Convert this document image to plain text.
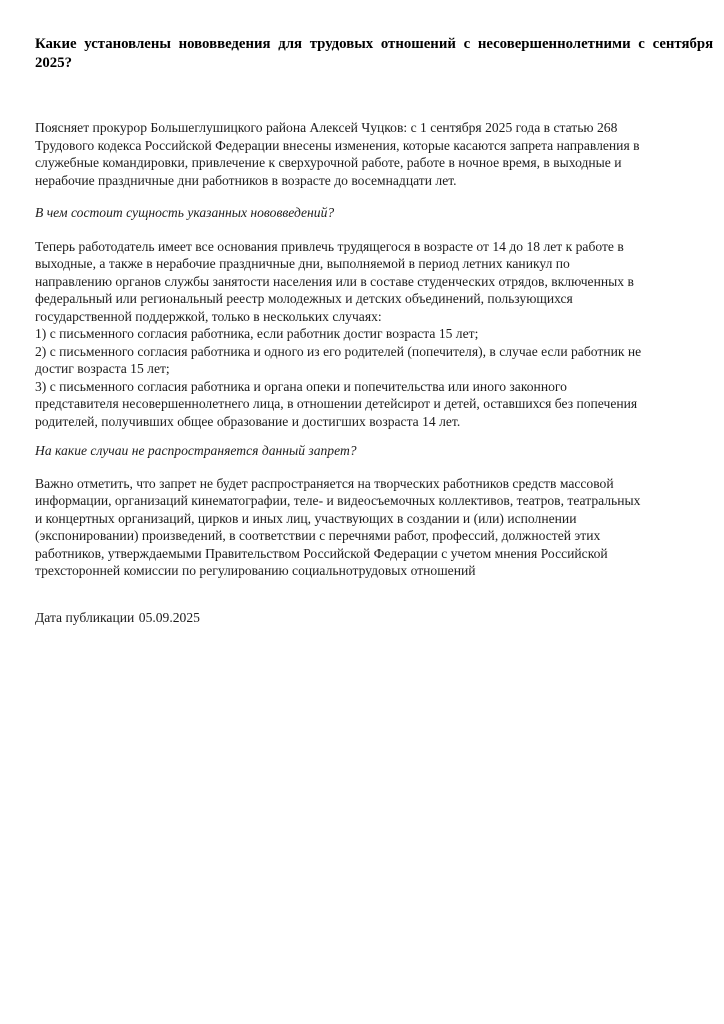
Какие установлены нововведения для трудовых отношений с несовершеннолетними с сентября
2025?
Поясняет прокурор Большеглушицкого района Алексей Чуцков: с 1 сентября 2025 года в статью 268
Трудового кодекса Российской Федерации внесены изменения, которые касаются запрета направления в
служебные командировки, привлечение к сверхурочной работе, работе в ночное время, в выходные и
нерабочие праздничные дни работников в возрасте до восемнадцати лет.
В чем состоит сущность указанных нововведений?
Теперь работодатель имеет все основания привлечь трудящегося в возрасте от 14 до 18 лет к работе в
выходные, а также в нерабочие праздничные дни, выполняемой в период летних каникул по
направлению органов службы занятости населения или в составе студенческих отрядов, включенных в
федеральный или региональный реестр молодежных и детских объединений, пользующихся
государственной поддержкой, только в нескольких случаях:
1) с письменного согласия работника, если работник достиг возраста 15 лет;
2) с письменного согласия работника и одного из его родителей (попечителя), в случае если работник не
достиг возраста 15 лет;
3) с письменного согласия работника и органа опеки и попечительства или иного законного
представителя несовершеннолетнего лица, в отношении детейсирот и детей, оставшихся без попечения
родителей, получивших общее образование и достигших возраста 14 лет.
На какие случаи не распространяется данный запрет?
Важно отметить, что запрет не будет распространяется на творческих работников средств массовой
информации, организаций кинематографии, теле- и видеосъемочных коллективов, театров, театральных
и концертных организаций, цирков и иных лиц, участвующих в создании и (или) исполнении
(экспонировании) произведений, в соответствии с перечнями работ, профессий, должностей этих
работников, утверждаемыми Правительством Российской Федерации с учетом мнения Российской
трехсторонней комиссии по регулированию социальнотрудовых отношений
Дата публикации 05.09.2025
